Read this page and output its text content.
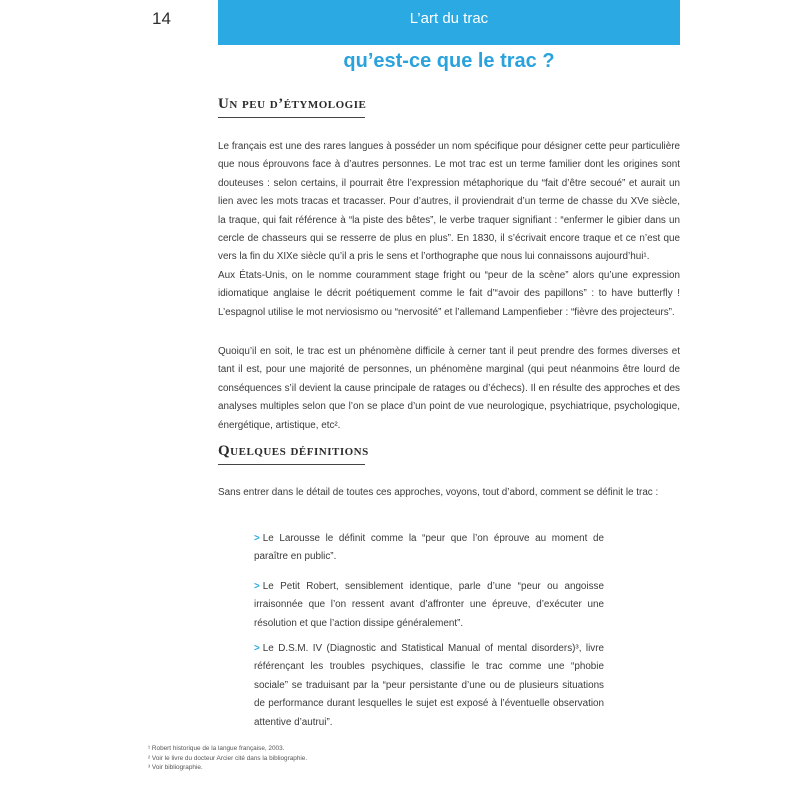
14	L’art du trac
qu’est-ce que le trac ?
Un peu d’étymologie

Le français est une des rares langues à posséder un nom spécifique pour désigner cette peur particulière que nous éprouvons face à d’autres personnes. Le mot trac est un terme familier dont les origines sont douteuses : selon certains, il pourrait être l’expression métaphorique du “fait d’être secoué” et aurait un lien avec les mots tracas et tracasser. Pour d’autres, il proviendrait d’un terme de chasse du XVe siècle, la traque, qui fait référence à “la piste des bêtes”, le verbe traquer signifiant : “enfermer le gibier dans un cercle de chasseurs qui se resserre de plus en plus”. En 1830, il s’écrivait encore traque et ce n’est que vers la fin du XIXe siècle qu’il a pris le sens et l’orthographe que nous lui connaissons aujourd’hui¹.

Aux États-Unis, on le nomme couramment stage fright ou “peur de la scène” alors qu’une expression idiomatique anglaise le décrit poétiquement comme le fait d’“avoir des papillons” : to have butterfly ! L’espagnol utilise le mot nerviosismo ou “nervosité” et l’allemand Lampenfieber : “fièvre des projecteurs”.

Quoiqu’il en soit, le trac est un phénomène difficile à cerner tant il peut prendre des formes diverses et tant il est, pour une majorité de personnes, un phénomène marginal (qui peut néanmoins être lourd de conséquences s’il devient la cause principale de ratages ou d’échecs). Il en résulte des approches et des analyses multiples selon que l’on se place d’un point de vue neurologique, psychiatrique, psychologique, énergétique, artistique, etc².

Quelques définitions

Sans entrer dans le détail de toutes ces approches, voyons, tout d’abord, comment se définit le trac :

> Le Larousse le définit comme la “peur que l’on éprouve au moment de paraître en public”.
> Le Petit Robert, sensiblement identique, parle d’une “peur ou angoisse irraisonnée que l’on ressent avant d’affronter une épreuve, d’exécuter une résolution et que l’action dissipe généralement”.
> Le D.S.M. IV (Diagnostic and Statistical Manual of mental disorders)³, livre référençant les troubles psychiques, classifie le trac comme une “phobie sociale” se traduisant par la “peur persistante d’une ou de plusieurs situations de performance durant lesquelles le sujet est exposé à l’éventuelle observation attentive d’autrui”.
¹ Robert historique de la langue française, 2003.
² Voir le livre du docteur Arcier cité dans la bibliographie.
³ Voir bibliographie.
